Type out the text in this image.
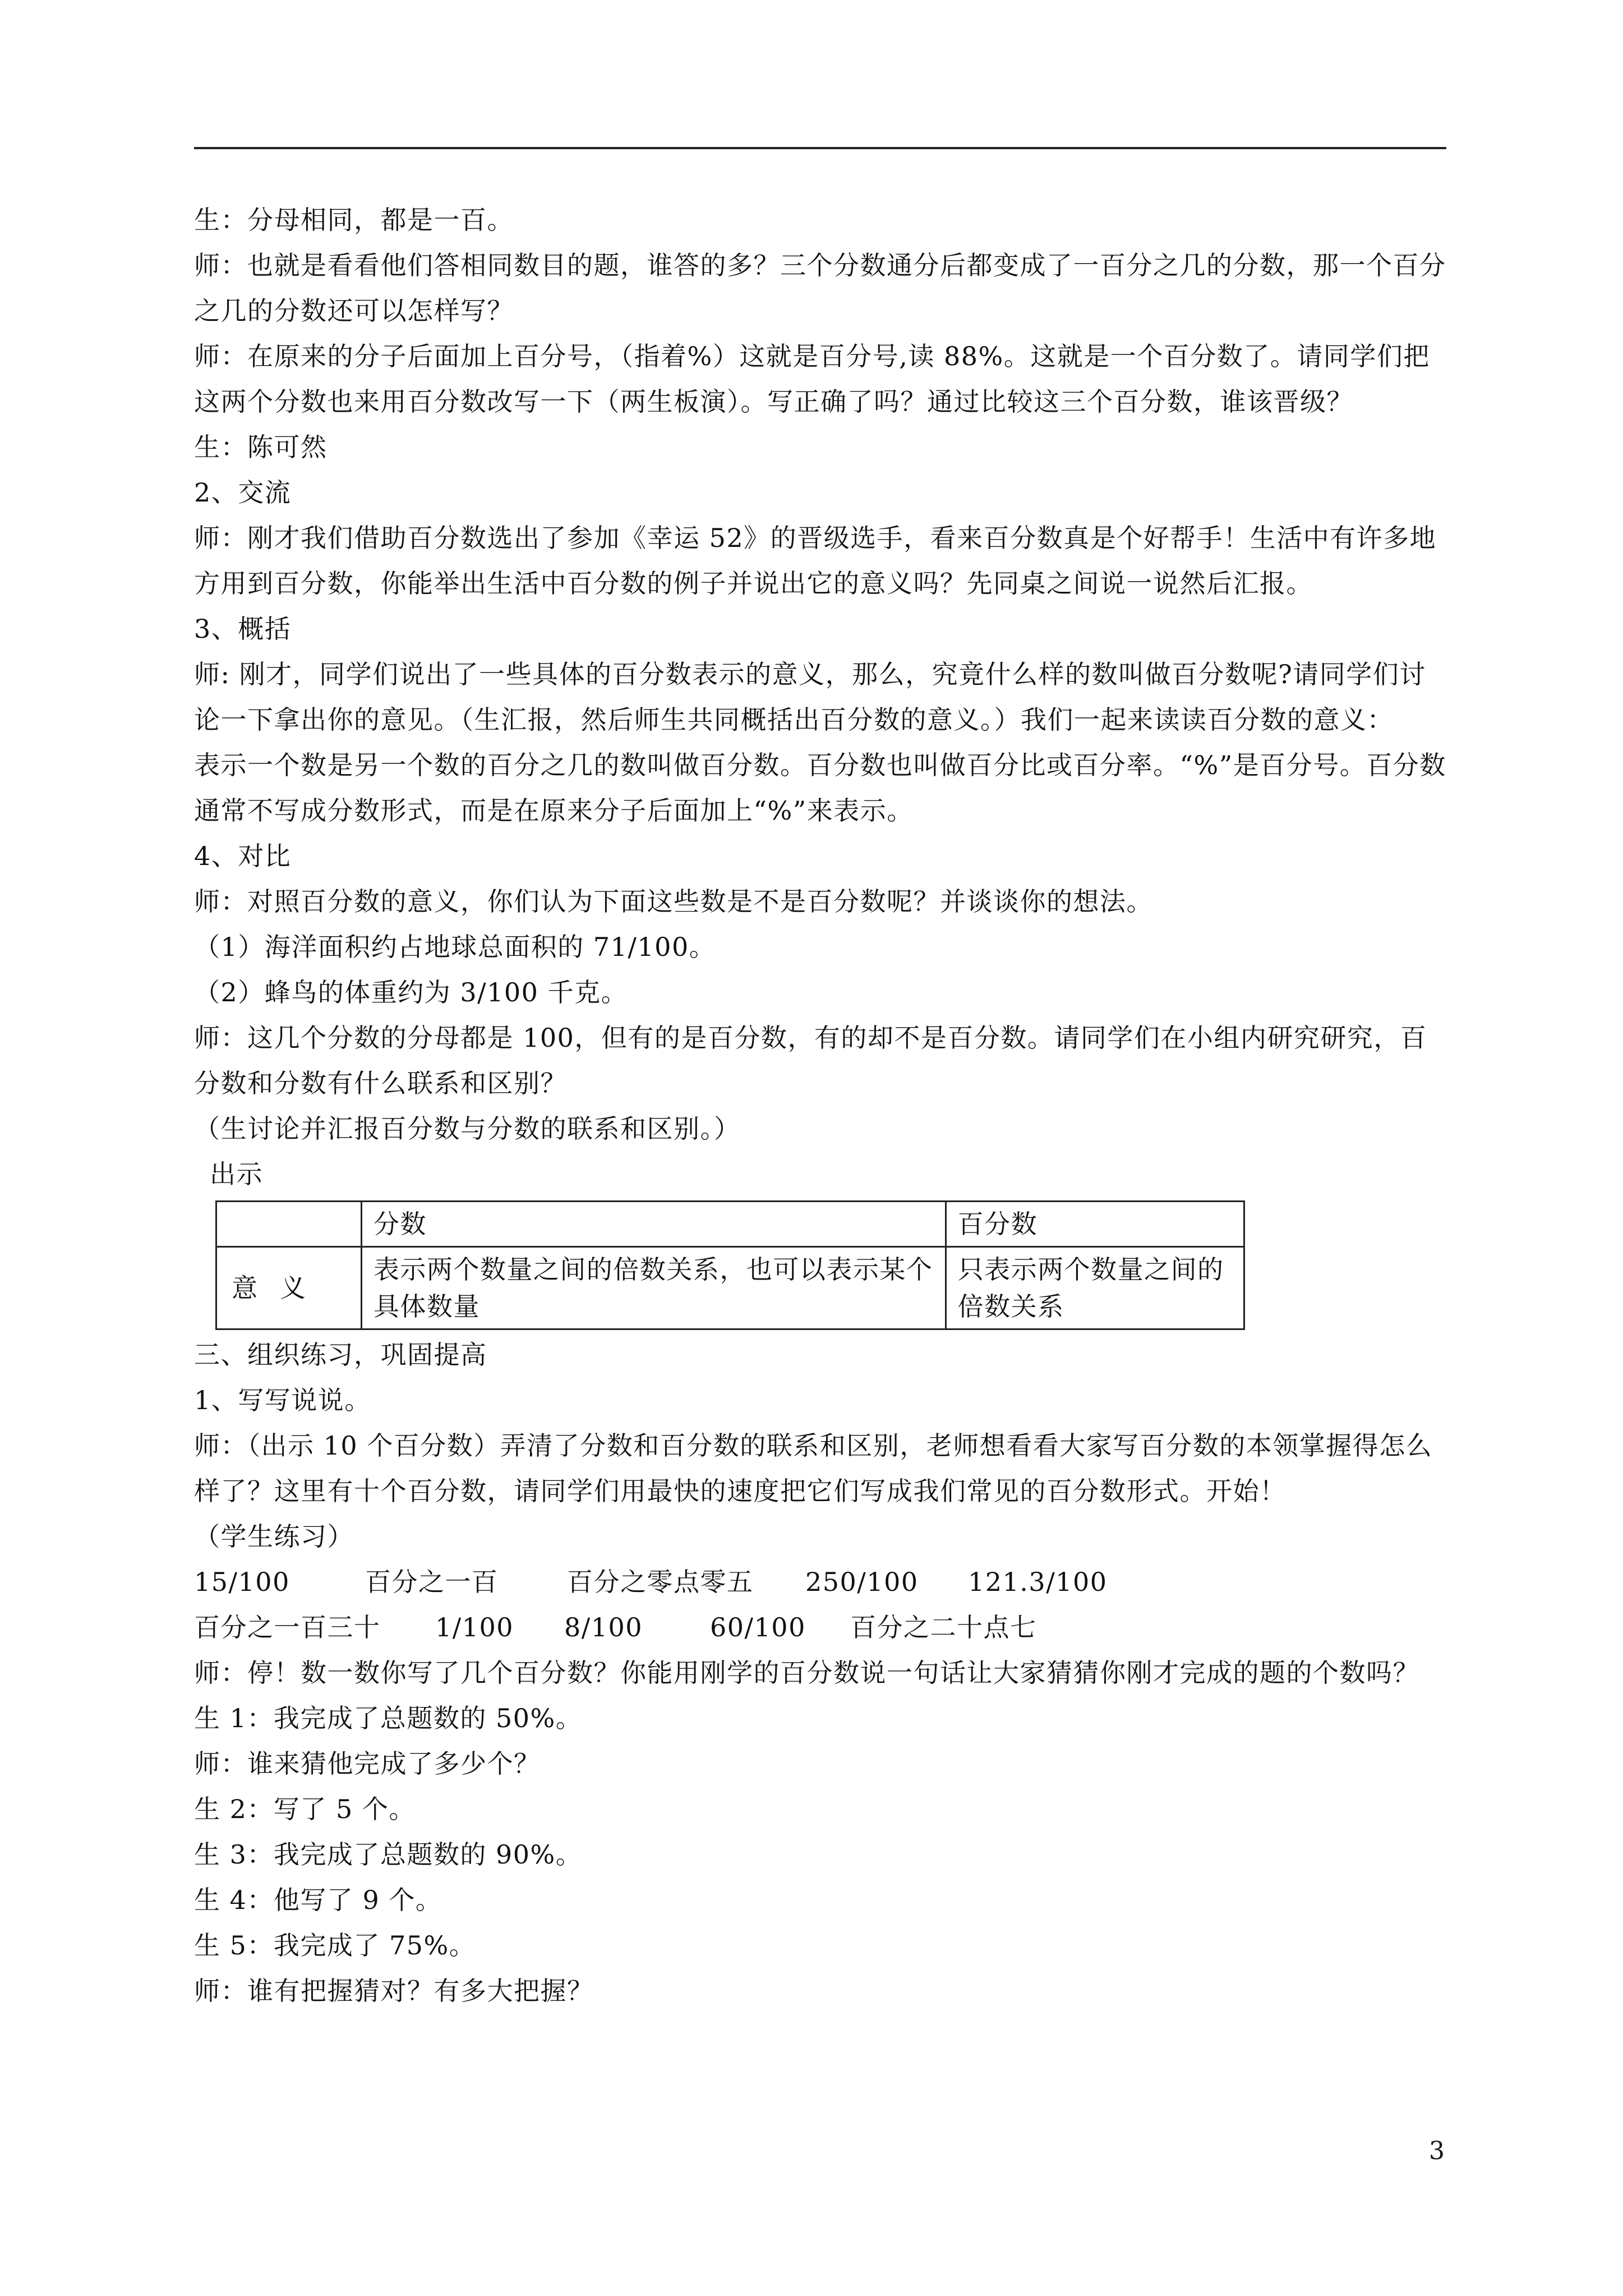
生：分母相同，都是一百。

师：也就是看看他们答相同数目的题，谁答的多？三个分数通分后都变成了一百分之几的分数，那一个百分之几的分数还可以怎样写？

师：在原来的分子后面加上百分号，（指着%）这就是百分号,读 88%。这就是一个百分数了。请同学们把这两个分数也来用百分数改写一下（两生板演）。写正确了吗？通过比较这三个百分数，谁该晋级？

生：陈可然

2、交流

师：刚才我们借助百分数选出了参加《幸运 52》的晋级选手，看来百分数真是个好帮手！生活中有许多地方用到百分数，你能举出生活中百分数的例子并说出它的意义吗？先同桌之间说一说然后汇报。

3、概括

师: 刚才，同学们说出了一些具体的百分数表示的意义，那么，究竟什么样的数叫做百分数呢?请同学们讨论一下拿出你的意见。（生汇报，然后师生共同概括出百分数的意义。）我们一起来读读百分数的意义：

表示一个数是另一个数的百分之几的数叫做百分数。百分数也叫做百分比或百分率。“%”是百分号。百分数通常不写成分数形式，而是在原来分子后面加上“%”来表示。

4、对比

师：对照百分数的意义，你们认为下面这些数是不是百分数呢？并谈谈你的想法。

（1）海洋面积约占地球总面积的 71/100。

（2）蜂鸟的体重约为 3/100 千克。

师：这几个分数的分母都是 100，但有的是百分数，有的却不是百分数。请同学们在小组内研究研究，百分数和分数有什么联系和区别？

（生讨论并汇报百分数与分数的联系和区别。）

出示

	分数	百分数
意义	表示两个数量之间的倍数关系，也可以表示某个具体数量	只表示两个数量之间的倍数关系

三、组织练习，巩固提高

1、写写说说。

师：（出示 10 个百分数）弄清了分数和百分数的联系和区别，老师想看看大家写百分数的本领掌握得怎么样了？这里有十个百分数，请同学们用最快的速度把它们写成我们常见的百分数形式。开始！

（学生练习）

15/100	百分之一百	百分之零点零五 250/100 121.3/100

百分之一百三十 1/100 8/100	60/100 百分之二十点七

师：停！数一数你写了几个百分数？你能用刚学的百分数说一句话让大家猜猜你刚才完成的题的个数吗？

生 1：我完成了总题数的 50%。

师：谁来猜他完成了多少个？

生 2：写了 5 个。

生 3：我完成了总题数的 90%。

生 4：他写了 9 个。

生 5：我完成了 75%。

师：谁有把握猜对？有多大把握？

3
